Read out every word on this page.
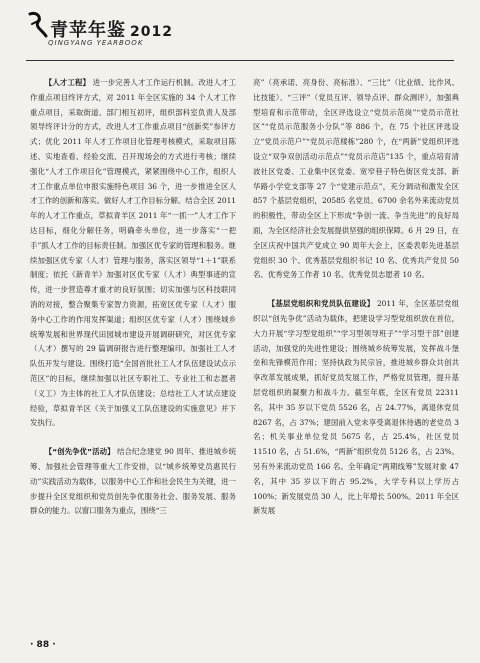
青苹年鉴 2012
QINGYANG YEARBOOK

【人才工程】 进一步完善人才工作运行机制。改进人才工作重点项目终评方式，对 2011 年全区实施的 34 个人才工作重点项目，采取街道、部门相互初评，组织部科室负责人及部领导终评计分的方式，改进人才工作重点项目“创新奖”参评方式；优化 2011 年人才工作项目化管理考核模式，采取项目陈述、实地查看、经验交流、召开现场会的方式进行考核；继续强化“人才工作项目化”管理模式，紧紧围绕中心工作，组织人才工作重点单位申报实施特色项目 36 个，进一步推进全区人才工作的创新和落实。做好人才工作目标分解。结合全区 2011 年的人才工作重点，草拟青羊区 2011 年“一抓一”人才工作下达目标，细化分解任务，明确牵头单位，进一步落实“一把手”抓人才工作的目标责任制。加强区优专家的管理和服务。继续加强区优专家（人才）管理与服务，落实区领导“1＋1”联系制度；依托《新青羊》加强对区优专家（人才）典型事迹的宣传，进一步营造尊才重才的良好氛围；切实加强与区科技联同消的对接，整合聚集专家智力资源，拓宽区优专家（人才）服务中心工作的作用发挥渠道；组织区优专家（人才）围绕城乡统筹发展和世界现代田园城市建设开展调研研究，对区优专家（人才）撰写的 29 篇调研报告进行整理编印。加强社工人才队伍开发与建设。围绕打造“全国首批社工人才队伍建设试点示范区”的目标，继续加强以社区专职社工、专业社工和志愿者（义工）为主体的社工人才队伍建设；总结社工人才试点建设经验，草拟青羊区《关于加强义工队伍建设的实施意见》并下发执行。

【“创先争优”活动】 结合纪念建党 90 周年、推进城乡统筹、加强社会管理等重大工作安排，以“城乡统筹党员惠民行动”实践活动为载体，以服务中心工作和社会民生为关键，进一步提升全区党组织和党员创先争优服务社会、服务发展、服务群众的能力。以窗口服务为重点，围绕“三

亮”（亮承诺、亮身份、亮标准）、“三比”（比业绩、比作风、比技能）、“三评”（党员互评、领导点评、群众测评），加强典型培育和示范带动，全区评选设立“党员示范岗”“党员示范社区”“党员示范服务小分队”等 886 个，在 75 个社区评选设立“党员示范户”“党员示范楼栋”280 个，在“两新”党组织评选设立“双争双创活动示范点”“党员示范店”135 个，重点培育清波社区党委、工业集中区党委、宽窄巷子特色街区党支部、新华路小学党支部等 27 个“党建示范点”，充分调动和激发全区 857 个基层党组织，20585 名党员、6700 余名外来流动党员的积极性，带动全区上下形成“争创一流、争当先进”的良好局面，为全区经济社会发展提供坚强的组织保障。6 月 29 日，在全区庆祝中国共产党成立 90 周年大会上，区委表彰先进基层党组织 30 个、优秀基层党组织书记 10 名、优秀共产党员 50 名、优秀党务工作者 10 名、优秀党员志愿者 10 名。

【基层党组织和党员队伍建设】 2011 年，全区基层党组织以“创先争优”活动为载体，把建设学习型党组织放在首位，大力开展“学习型党组织”“学习型领导班子”“学习型干部”创建活动，加强党的先进性建设；围绕城乡统筹发展，发挥战斗堡垒和先锋模范作用；坚持执政为民宗旨，推进城乡群众共创共享改革发展成果，抓好党员发展工作，严格党员管理，提升基层党组织的凝聚力和战斗力。截至年底，全区有党员 22311 名，其中 35 岁以下党员 5526 名，占 24.77%，离退休党员 8267 名，占 37%；建国前入党未享受离退休待遇的老党员 3 名；机关事业单位党员 5675 名，占 25.4%，社区党员 11510 名，占 51.6%，“两新”组织党员 5126 名，占 23%。另有外来流动党员 166 名。全年确定“两期线筹”发展对象 47 名，其中 35 岁以下的占 95.2%，大学专科以上学历占 100%；新发展党员 30 人，比上年增长 500%。2011 年全区新发展

· 88 ·
